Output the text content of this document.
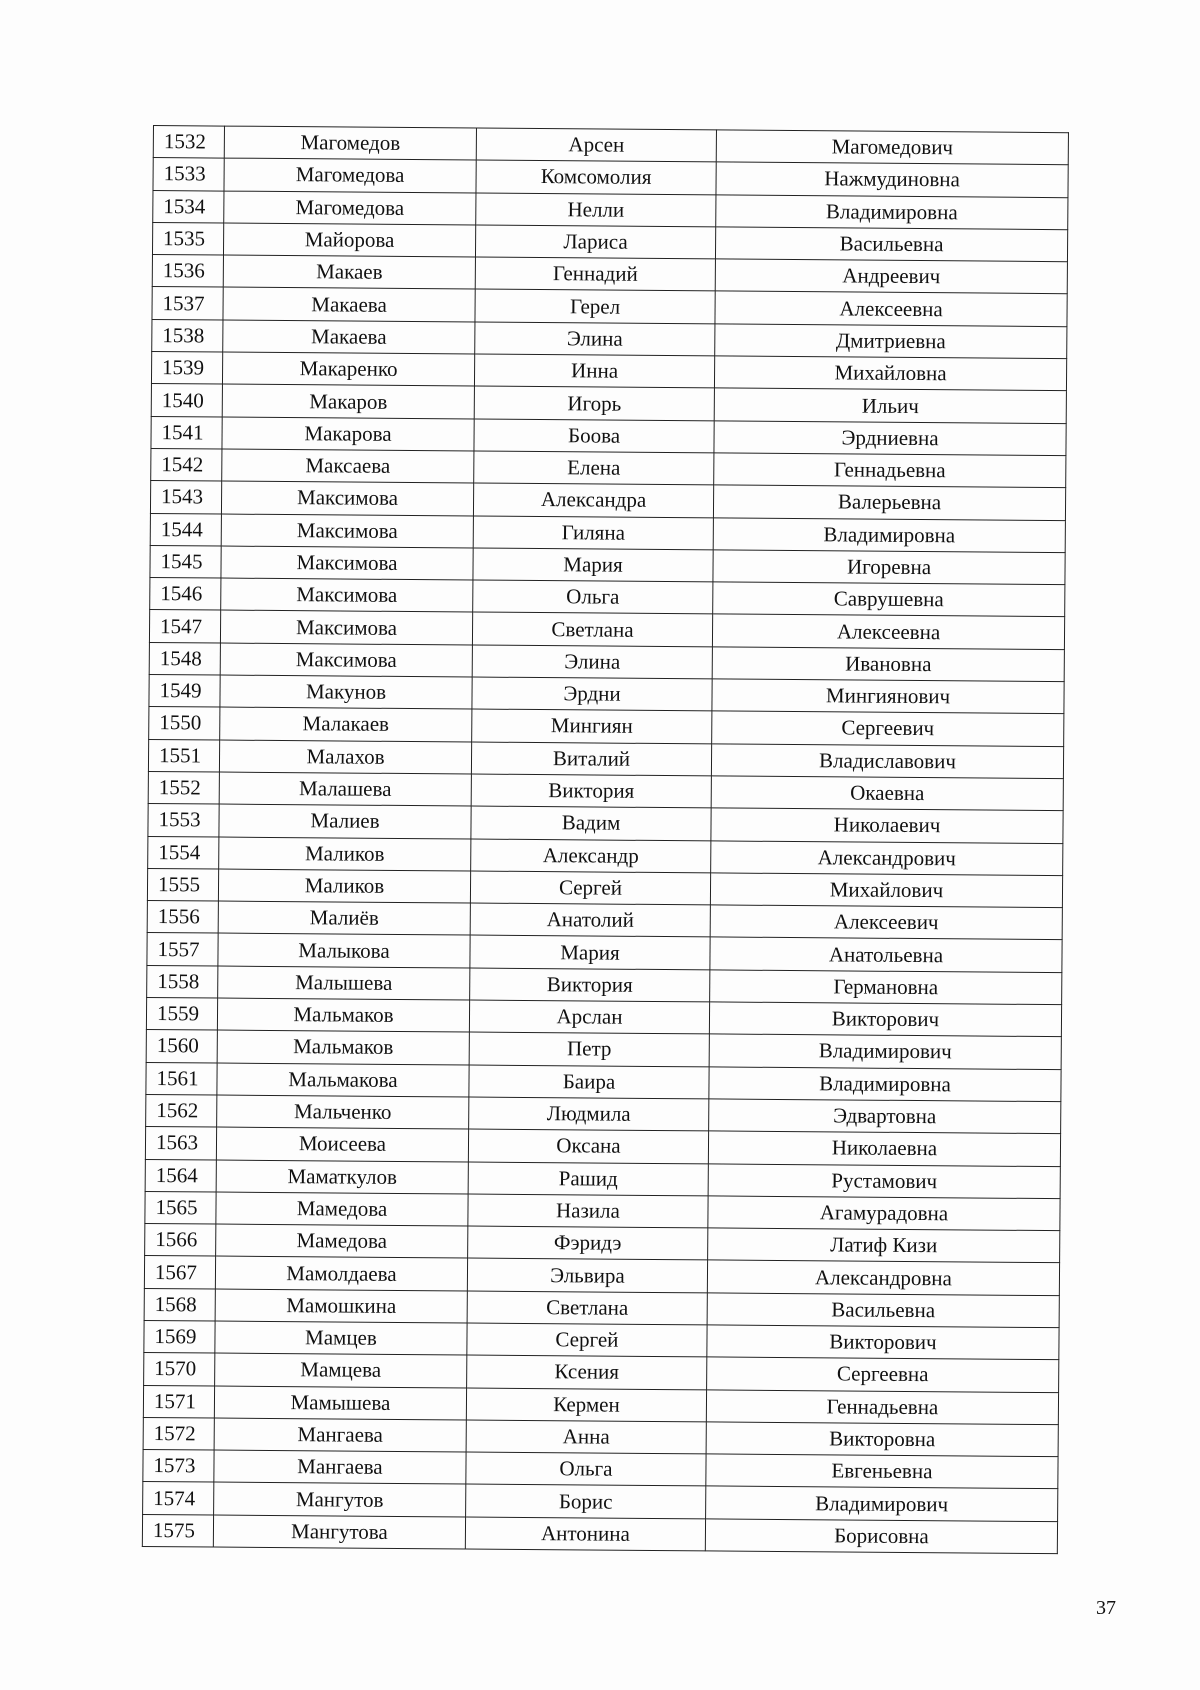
1532	Магомедов	Арсен	Магомедович
1533	Магомедова	Комсомолия	Нажмудиновна
1534	Магомедова	Нелли	Владимировна
1535	Майорова	Лариса	Васильевна
1536	Макаев	Геннадий	Андреевич
1537	Макаева	Герел	Алексеевна
1538	Макаева	Элина	Дмитриевна
1539	Макаренко	Инна	Михайловна
1540	Макаров	Игорь	Ильич
1541	Макарова	Боова	Эрдниевна
1542	Максаева	Елена	Геннадьевна
1543	Максимова	Александра	Валерьевна
1544	Максимова	Гиляна	Владимировна
1545	Максимова	Мария	Игоревна
1546	Максимова	Ольга	Саврушевна
1547	Максимова	Светлана	Алексеевна
1548	Максимова	Элина	Ивановна
1549	Макунов	Эрдни	Мингиянович
1550	Малакаев	Мингиян	Сергеевич
1551	Малахов	Виталий	Владиславович
1552	Малашева	Виктория	Окаевна
1553	Малиев	Вадим	Николаевич
1554	Маликов	Александр	Александрович
1555	Маликов	Сергей	Михайлович
1556	Малиёв	Анатолий	Алексеевич
1557	Малыкова	Мария	Анатольевна
1558	Малышева	Виктория	Германовна
1559	Мальмаков	Арслан	Викторович
1560	Мальмаков	Петр	Владимирович
1561	Мальмакова	Баира	Владимировна
1562	Мальченко	Людмила	Эдвартовна
1563	Моисеева	Оксана	Николаевна
1564	Маматкулов	Рашид	Рустамович
1565	Мамедова	Назила	Агамурадовна
1566	Мамедова	Фэридэ	Латиф Кизи
1567	Мамолдаева	Эльвира	Александровна
1568	Мамошкина	Светлана	Васильевна
1569	Мамцев	Сергей	Викторович
1570	Мамцева	Ксения	Сергеевна
1571	Мамышева	Кермен	Геннадьевна
1572	Мангаева	Анна	Викторовна
1573	Мангаева	Ольга	Евгеньевна
1574	Мангутов	Борис	Владимирович
1575	Мангутова	Антонина	Борисовна
37
